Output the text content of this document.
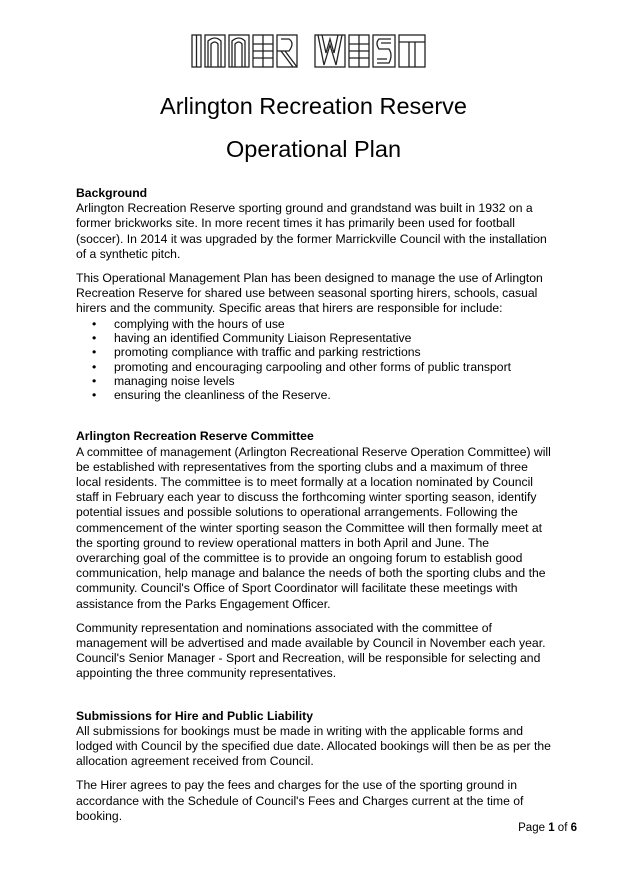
Arlington Recreation Reserve
Operational Plan

Background

Arlington Recreation Reserve sporting ground and grandstand was built in 1932 on a former brickworks site. In more recent times it has primarily been used for football (soccer). In 2014 it was upgraded by the former Marrickville Council with the installation of a synthetic pitch.

This Operational Management Plan has been designed to manage the use of Arlington Recreation Reserve for shared use between seasonal sporting hirers, schools, casual hirers and the community. Specific areas that hirers are responsible for include:

• complying with the hours of use
• having an identified Community Liaison Representative
• promoting compliance with traffic and parking restrictions
• promoting and encouraging carpooling and other forms of public transport
• managing noise levels
• ensuring the cleanliness of the Reserve.

Arlington Recreation Reserve Committee

A committee of management (Arlington Recreational Reserve Operation Committee) will be established with representatives from the sporting clubs and a maximum of three local residents. The committee is to meet formally at a location nominated by Council staff in February each year to discuss the forthcoming winter sporting season, identify potential issues and possible solutions to operational arrangements. Following the commencement of the winter sporting season the Committee will then formally meet at the sporting ground to review operational matters in both April and June. The overarching goal of the committee is to provide an ongoing forum to establish good communication, help manage and balance the needs of both the sporting clubs and the community. Council's Office of Sport Coordinator will facilitate these meetings with assistance from the Parks Engagement Officer.

Community representation and nominations associated with the committee of management will be advertised and made available by Council in November each year. Council's Senior Manager - Sport and Recreation, will be responsible for selecting and appointing the three community representatives.

Submissions for Hire and Public Liability

All submissions for bookings must be made in writing with the applicable forms and lodged with Council by the specified due date. Allocated bookings will then be as per the allocation agreement received from Council.

The Hirer agrees to pay the fees and charges for the use of the sporting ground in accordance with the Schedule of Council's Fees and Charges current at the time of booking.

Page 1 of 6
